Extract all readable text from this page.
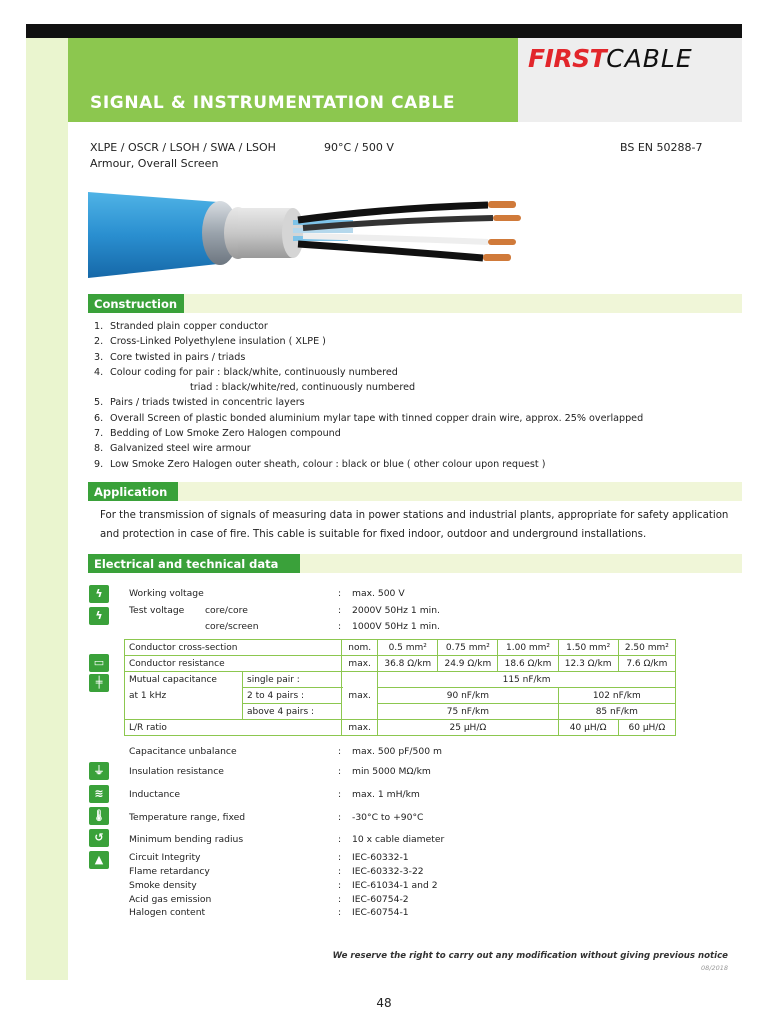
FIRSTCABLE
SIGNAL & INSTRUMENTATION CABLE
XLPE / OSCR / LSOH / SWA / LSOH
Armour, Overall Screen
90°C / 500 V	BS EN 50288-7
Construction
1. Stranded plain copper conductor
2. Cross-Linked Polyethylene insulation ( XLPE )
3. Core twisted in pairs / triads
4. Colour coding for pair : black/white, continuously numbered
triad : black/white/red, continuously numbered
5. Pairs / triads twisted in concentric layers
6. Overall Screen of plastic bonded aluminium mylar tape with tinned copper drain wire, approx. 25% overlapped
7. Bedding of Low Smoke Zero Halogen compound
8. Galvanized steel wire armour
9. Low Smoke Zero Halogen outer sheath, colour : black or blue ( other colour upon request )
Application
For the transmission of signals of measuring data in power stations and industrial plants, appropriate for safety application and protection in case of fire. This cable is suitable for fixed indoor, outdoor and underground installations.
Electrical and technical data
ϟ
ϟ
Working voltage	: max. 500 V
Test voltage core/core	: 2000V 50Hz 1 min.
core/screen	: 1000V 50Hz 1 min.
▭
╪
Conductor cross-section		nom.	0.5 mm²	0.75 mm²	1.00 mm²	1.50 mm²	2.50 mm²
Conductor resistance		max.	36.8 Ω/km	24.9 Ω/km	18.6 Ω/km	12.3 Ω/km	7.6 Ω/km
Mutual capacitance	single pair :	max.	115 nF/km				
at 1 kHz	2 to 4 pairs :		90 nF/km			102 nF/km	
	above 4 pairs :		75 nF/km			85 nF/km	
L/R ratio		max.	25 µH/Ω			40 µH/Ω	60 µH/Ω
⏚
≋
🌡
↺
▲
Capacitance unbalance	: max. 500 pF/500 m
Insulation resistance	: min 5000 MΩ/km
Inductance	: max. 1 mH/km
Temperature range, fixed	: -30°C to +90°C
Minimum bending radius	: 10 x cable diameter
Circuit Integrity	: IEC-60332-1
Flame retardancy	: IEC-60332-3-22
Smoke density	: IEC-61034-1 and 2
Acid gas emission	: IEC-60754-2
Halogen content	: IEC-60754-1
We reserve the right to carry out any modification without giving previous notice
08/2018
48
